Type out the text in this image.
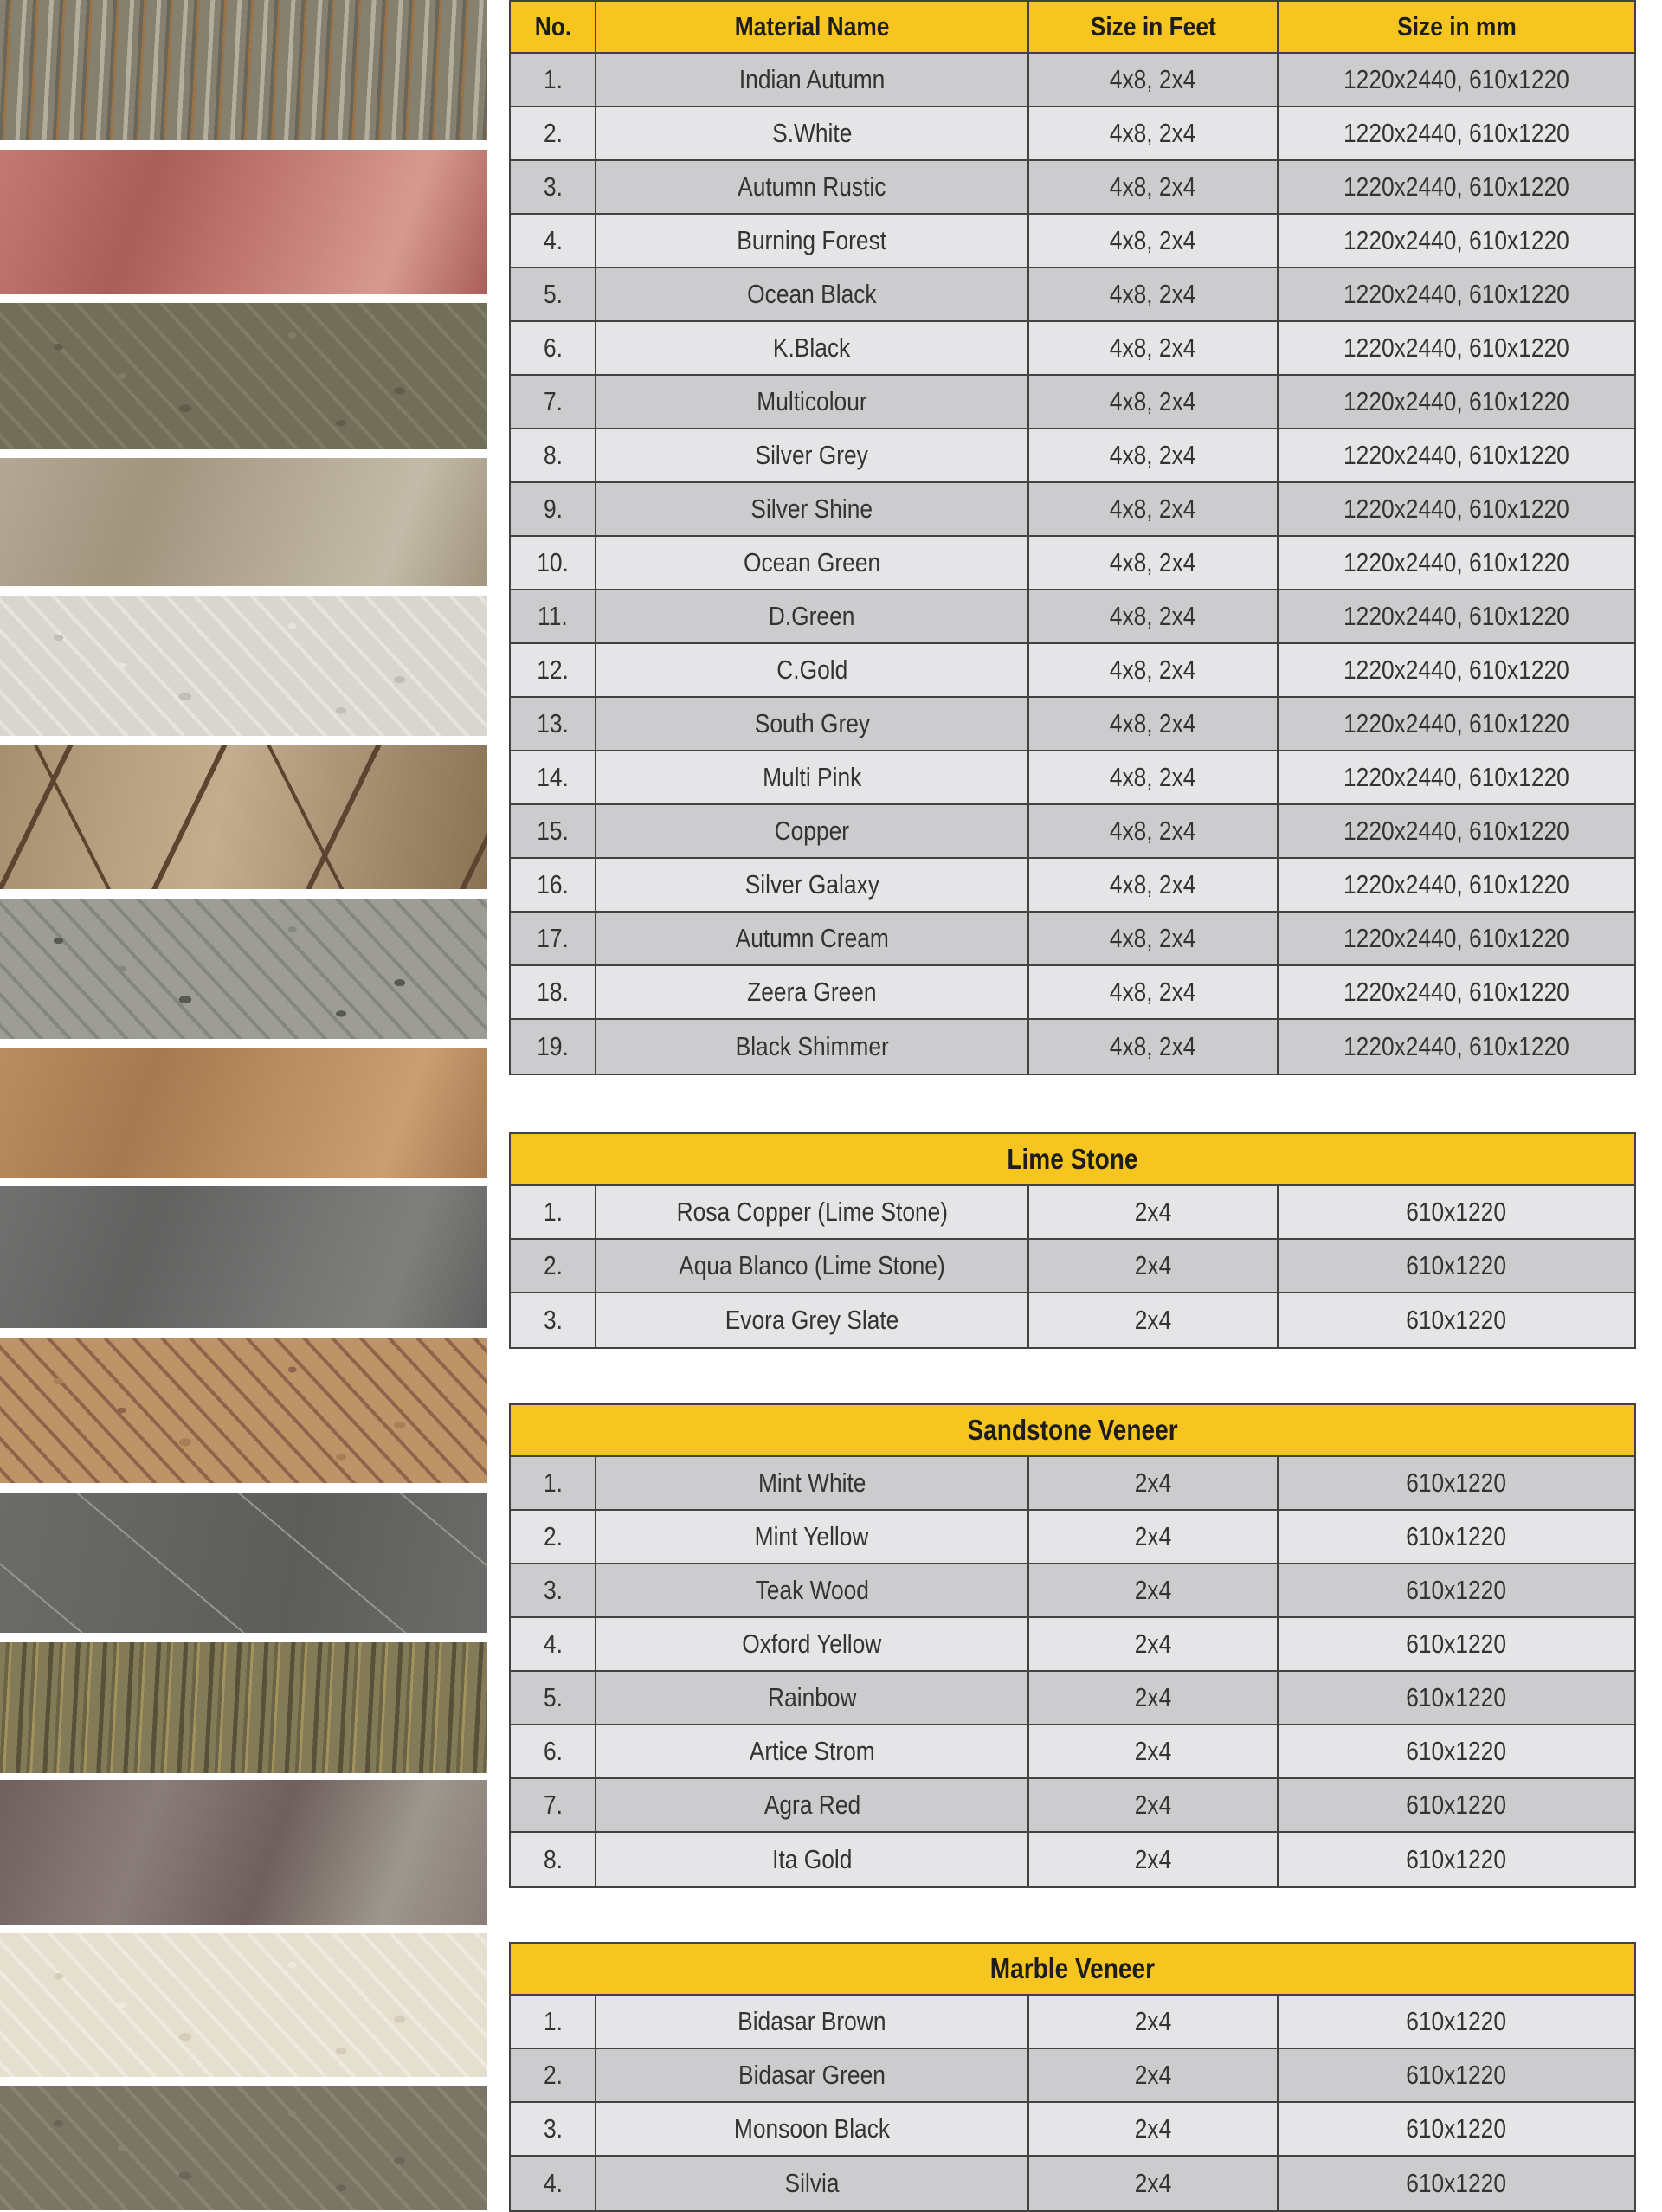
No.	Material Name	Size in Feet	Size in mm
1.	Indian Autumn	4x8, 2x4	1220x2440, 610x1220
2.	S.White	4x8, 2x4	1220x2440, 610x1220
3.	Autumn Rustic	4x8, 2x4	1220x2440, 610x1220
4.	Burning Forest	4x8, 2x4	1220x2440, 610x1220
5.	Ocean Black	4x8, 2x4	1220x2440, 610x1220
6.	K.Black	4x8, 2x4	1220x2440, 610x1220
7.	Multicolour	4x8, 2x4	1220x2440, 610x1220
8.	Silver Grey	4x8, 2x4	1220x2440, 610x1220
9.	Silver Shine	4x8, 2x4	1220x2440, 610x1220
10.	Ocean Green	4x8, 2x4	1220x2440, 610x1220
11.	D.Green	4x8, 2x4	1220x2440, 610x1220
12.	C.Gold	4x8, 2x4	1220x2440, 610x1220
13.	South Grey	4x8, 2x4	1220x2440, 610x1220
14.	Multi Pink	4x8, 2x4	1220x2440, 610x1220
15.	Copper	4x8, 2x4	1220x2440, 610x1220
16.	Silver Galaxy	4x8, 2x4	1220x2440, 610x1220
17.	Autumn Cream	4x8, 2x4	1220x2440, 610x1220
18.	Zeera Green	4x8, 2x4	1220x2440, 610x1220
19.	Black Shimmer	4x8, 2x4	1220x2440, 610x1220
Lime Stone
1.	Rosa Copper (Lime Stone)	2x4	610x1220
2.	Aqua Blanco (Lime Stone)	2x4	610x1220
3.	Evora Grey Slate	2x4	610x1220
Sandstone Veneer
1.	Mint White	2x4	610x1220
2.	Mint Yellow	2x4	610x1220
3.	Teak Wood	2x4	610x1220
4.	Oxford Yellow	2x4	610x1220
5.	Rainbow	2x4	610x1220
6.	Artice Strom	2x4	610x1220
7.	Agra Red	2x4	610x1220
8.	Ita Gold	2x4	610x1220
Marble Veneer
1.	Bidasar Brown	2x4	610x1220
2.	Bidasar Green	2x4	610x1220
3.	Monsoon Black	2x4	610x1220
4.	Silvia	2x4	610x1220
